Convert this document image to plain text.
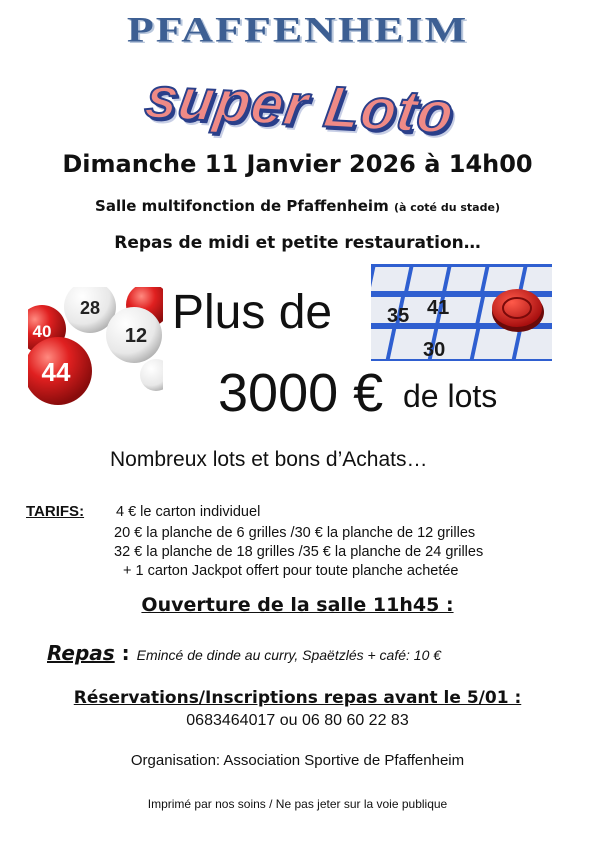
PFAFFENHEIM
super Loto
Dimanche 11 Janvier 2026 à 14h00
Salle multifonction de Pfaffenheim (à coté du stade)
Repas de midi et petite restauration…
28
12
40
44
35 41
30
Plus de
3000 € de lots
Nombreux lots et bons d’Achats…
TARIFS: 4 € le carton individuel
20 € la planche de 6 grilles /30 € la planche de 12 grilles
32 € la planche de 18 grilles /35 € la planche de 24 grilles
+ 1 carton Jackpot offert pour toute planche achetée
Ouverture de la salle 11h45 :
Repas : Emincé de dinde au curry, Spaëtzlés + café: 10 €
Réservations/Inscriptions repas avant le 5/01 :
0683464017 ou 06 80 60 22 83
Organisation: Association Sportive de Pfaffenheim
Imprimé par nos soins / Ne pas jeter sur la voie publique
